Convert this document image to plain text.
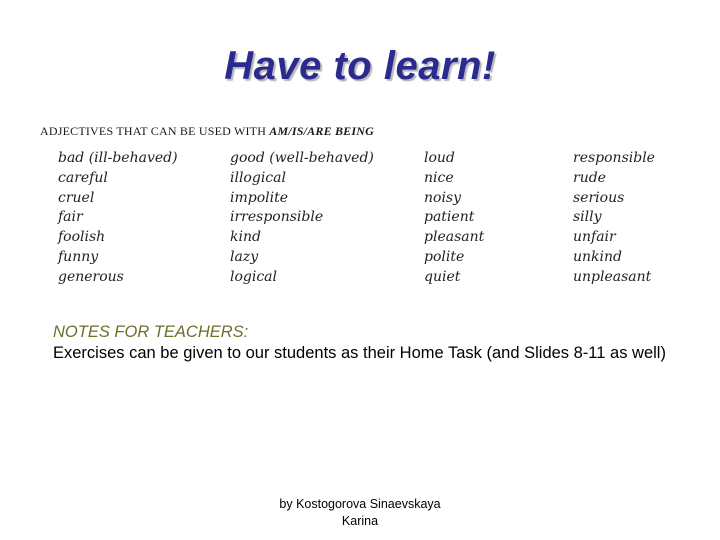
Have to learn!
ADJECTIVES THAT CAN BE USED WITH AM/IS/ARE BEING
bad (ill-behaved)
careful
cruel
fair
foolish
funny
generous
good (well-behaved)
illogical
impolite
irresponsible
kind
lazy
logical
loud
nice
noisy
patient
pleasant
polite
quiet
responsible
rude
serious
silly
unfair
unkind
unpleasant
NOTES FOR TEACHERS:
Exercises can be given to our students as their Home Task (and Slides 8-11 as well)
by Kostogorova Sinaevskaya
Karina
